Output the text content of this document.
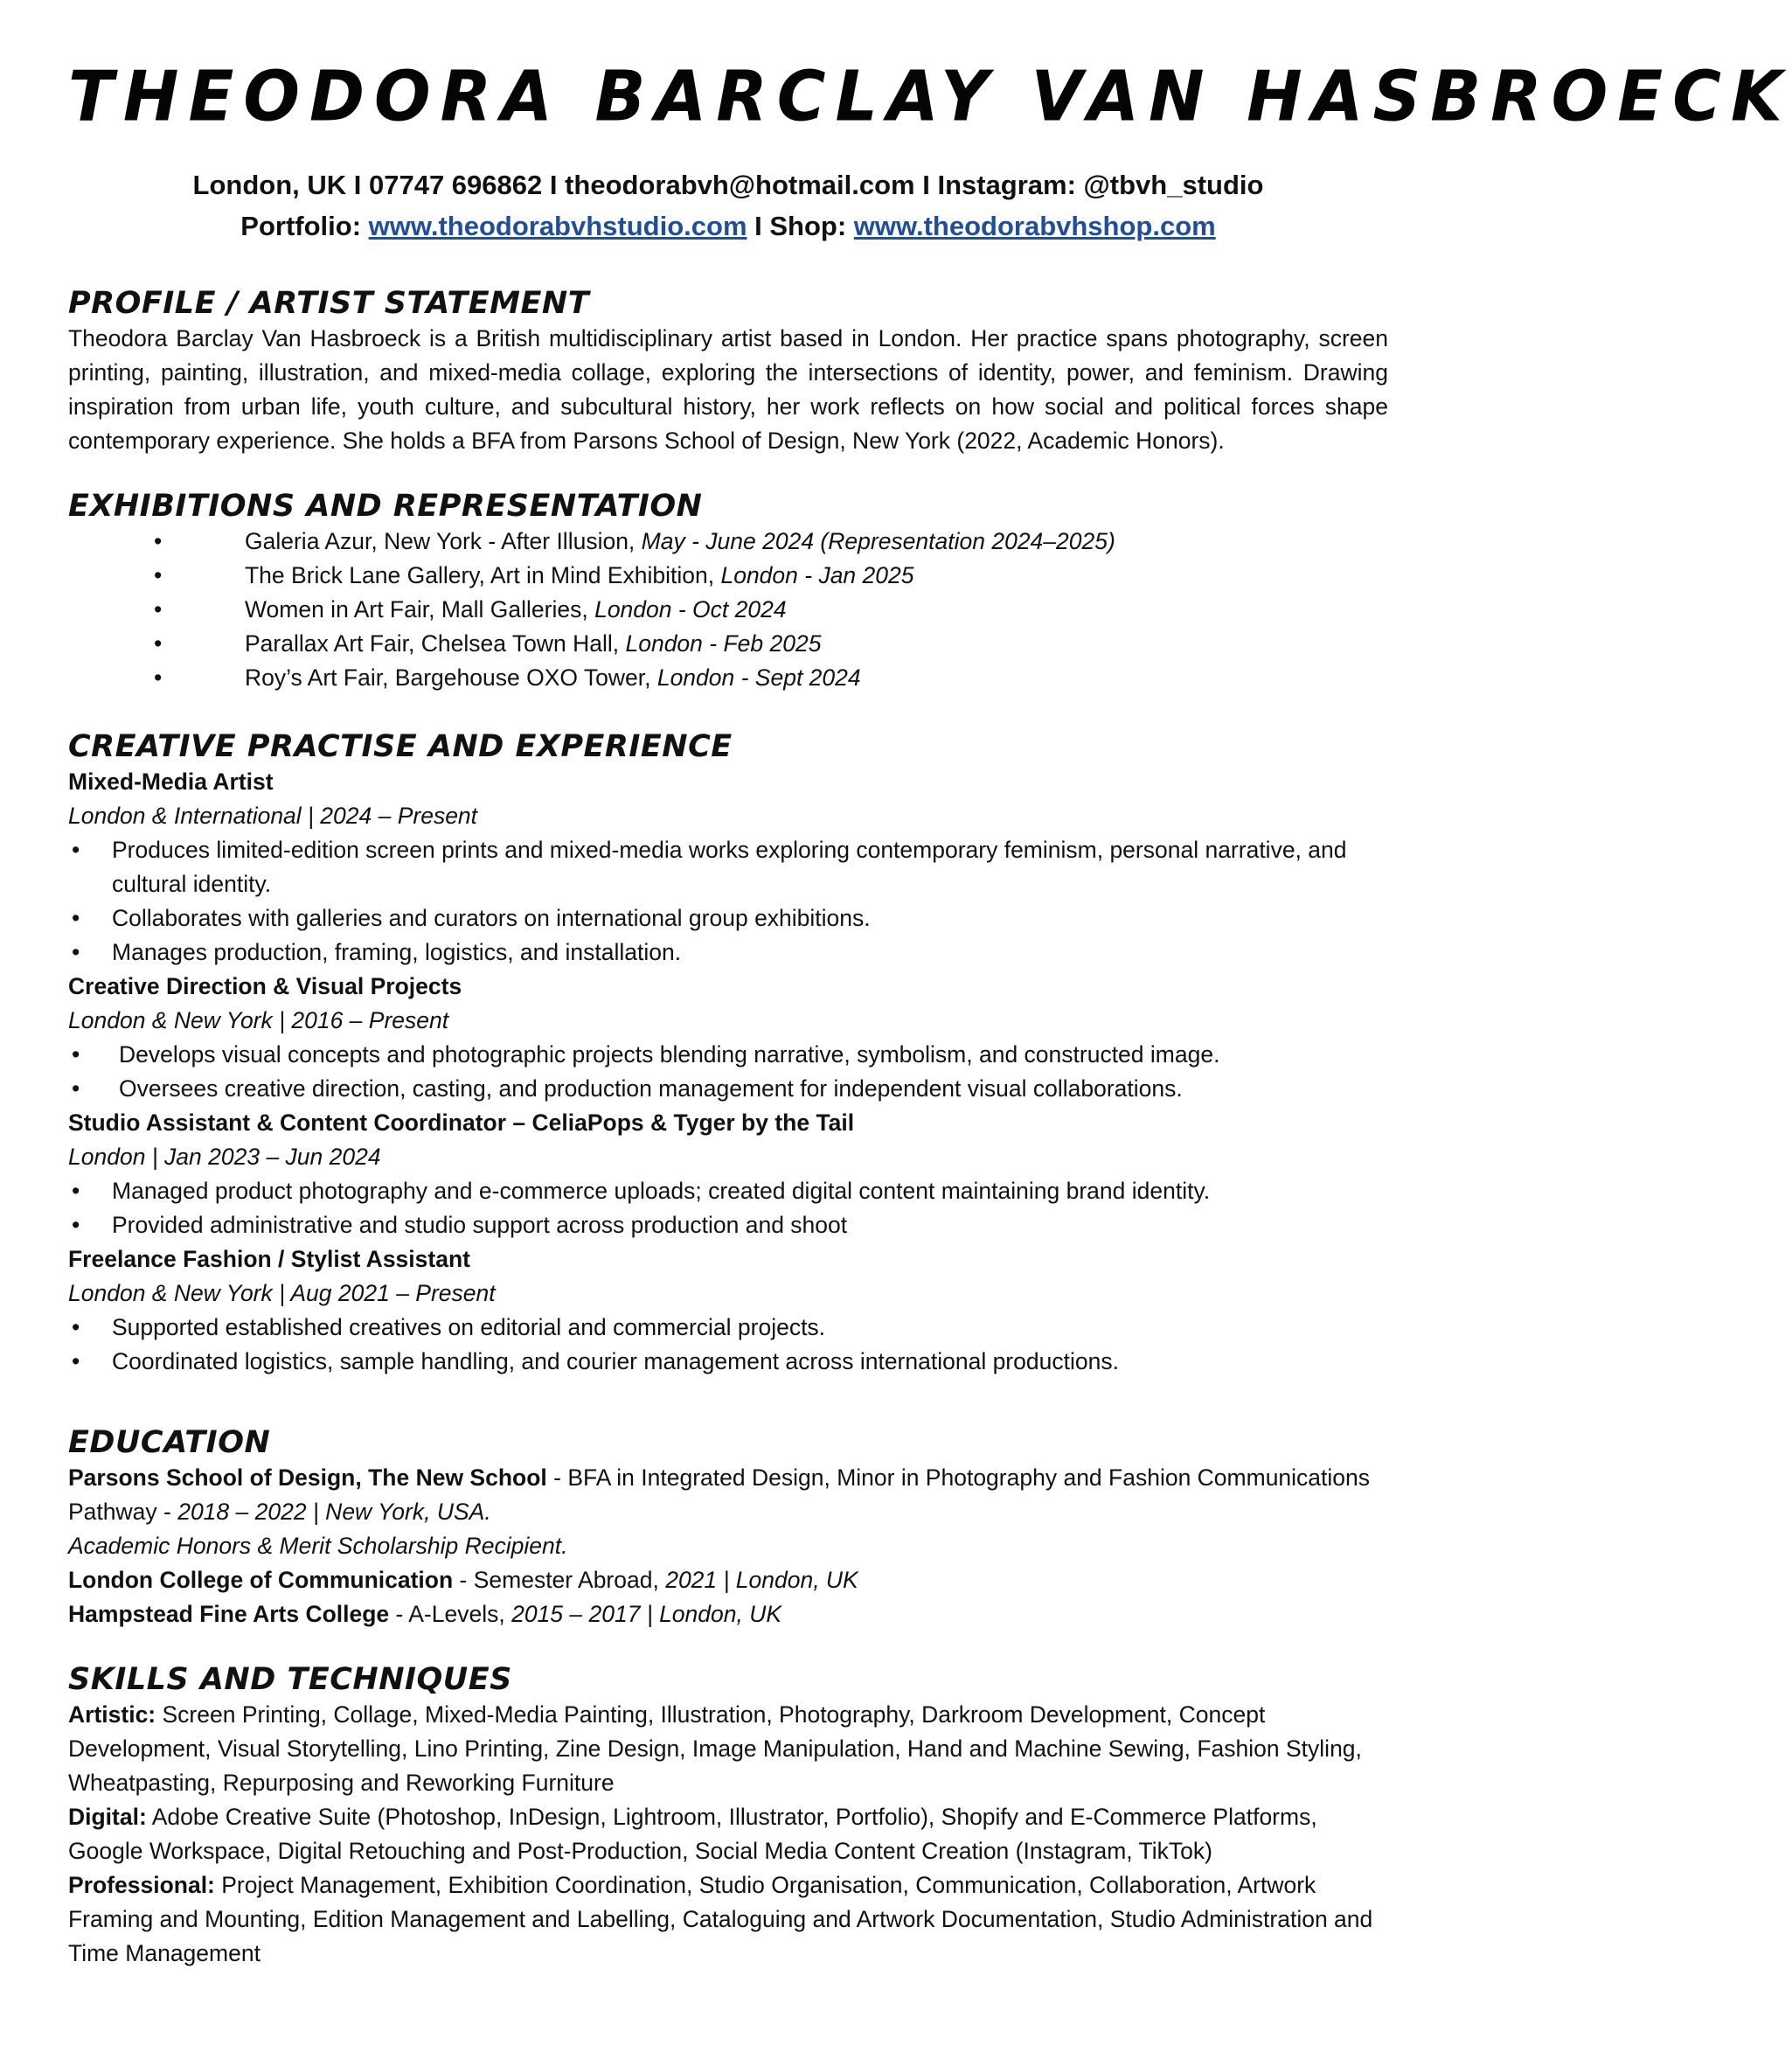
THEODORA BARCLAY VAN HASBROECK
London, UK I 07747 696862 I theodorabvh@hotmail.com I Instagram: @tbvh_studio
Portfolio: www.theodorabvhstudio.com I Shop: www.theodorabvhshop.com
PROFILE / ARTIST STATEMENT

Theodora Barclay Van Hasbroeck is a British multidisciplinary artist based in London. Her practice spans photography, screen printing, painting, illustration, and mixed-media collage, exploring the intersections of identity, power, and feminism. Drawing inspiration from urban life, youth culture, and subcultural history, her work reflects on how social and political forces shape contemporary experience. She holds a BFA from Parsons School of Design, New York (2022, Academic Honors).

EXHIBITIONS AND REPRESENTATION
•	Galeria Azur, New York - After Illusion, May - June 2024 (Representation 2024–2025)
•	The Brick Lane Gallery, Art in Mind Exhibition, London - Jan 2025
•	Women in Art Fair, Mall Galleries, London - Oct 2024
•	Parallax Art Fair, Chelsea Town Hall, London - Feb 2025
•	Roy’s Art Fair, Bargehouse OXO Tower, London - Sept 2024
CREATIVE PRACTISE AND EXPERIENCE
Mixed-Media Artist
London & International | 2024 – Present
• Produces limited-edition screen prints and mixed-media works exploring contemporary feminism, personal narrative, and cultural identity.
• Collaborates with galleries and curators on international group exhibitions.
• Manages production, framing, logistics, and installation.
Creative Direction & Visual Projects
London & New York | 2016 – Present
• Develops visual concepts and photographic projects blending narrative, symbolism, and constructed image.
• Oversees creative direction, casting, and production management for independent visual collaborations.
Studio Assistant & Content Coordinator – CeliaPops & Tyger by the Tail
London | Jan 2023 – Jun 2024
• Managed product photography and e-commerce uploads; created digital content maintaining brand identity.
• Provided administrative and studio support across production and shoot
Freelance Fashion / Stylist Assistant
London & New York | Aug 2021 – Present
• Supported established creatives on editorial and commercial projects.
• Coordinated logistics, sample handling, and courier management across international productions.
EDUCATION

Parsons School of Design, The New School - BFA in Integrated Design, Minor in Photography and Fashion Communications Pathway - 2018 – 2022 | New York, USA.

Academic Honors & Merit Scholarship Recipient.

London College of Communication - Semester Abroad, 2021 | London, UK

Hampstead Fine Arts College - A-Levels, 2015 – 2017 | London, UK

SKILLS AND TECHNIQUES

Artistic: Screen Printing, Collage, Mixed-Media Painting, Illustration, Photography, Darkroom Development, Concept Development, Visual Storytelling, Lino Printing, Zine Design, Image Manipulation, Hand and Machine Sewing, Fashion Styling, Wheatpasting, Repurposing and Reworking Furniture

Digital: Adobe Creative Suite (Photoshop, InDesign, Lightroom, Illustrator, Portfolio), Shopify and E-Commerce Platforms, Google Workspace, Digital Retouching and Post-Production, Social Media Content Creation (Instagram, TikTok)

Professional: Project Management, Exhibition Coordination, Studio Organisation, Communication, Collaboration, Artwork Framing and Mounting, Edition Management and Labelling, Cataloguing and Artwork Documentation, Studio Administration and Time Management
